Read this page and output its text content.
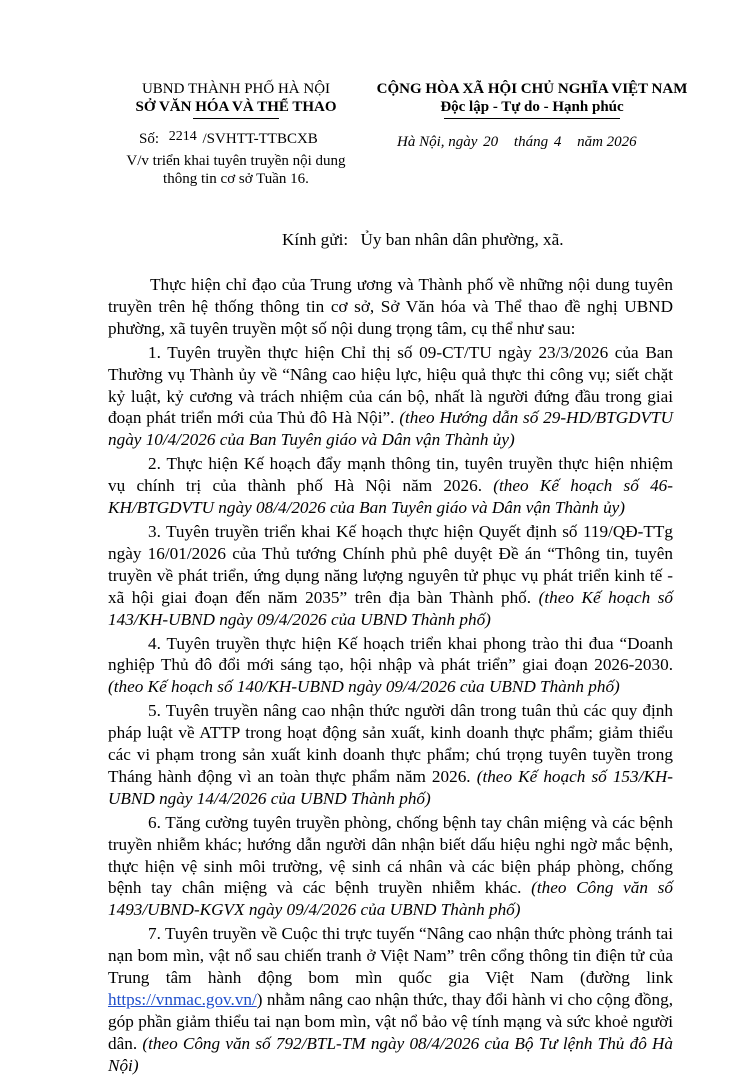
UBND THÀNH PHỐ HÀ NỘI
SỞ VĂN HÓA VÀ THỂ THAO
Số: 2214 /SVHTT-TTBCXB
V/v triển khai tuyên truyền nội dung
thông tin cơ sở Tuần 16.
CỘNG HÒA XÃ HỘI CHỦ NGHĨA VIỆT NAM
Độc lập - Tự do - Hạnh phúc
Hà Nội, ngày 20 tháng 4 năm 2026
Kính gửi: Ủy ban nhân dân phường, xã.

Thực hiện chỉ đạo của Trung ương và Thành phố về những nội dung tuyên truyền trên hệ thống thông tin cơ sở, Sở Văn hóa và Thể thao đề nghị UBND phường, xã tuyên truyền một số nội dung trọng tâm, cụ thể như sau:

1. Tuyên truyền thực hiện Chỉ thị số 09-CT/TU ngày 23/3/2026 của Ban Thường vụ Thành ủy về “Nâng cao hiệu lực, hiệu quả thực thi công vụ; siết chặt kỷ luật, kỷ cương và trách nhiệm của cán bộ, nhất là người đứng đầu trong giai đoạn phát triển mới của Thủ đô Hà Nội”. (theo Hướng dẫn số 29-HD/BTGDVTU ngày 10/4/2026 của Ban Tuyên giáo và Dân vận Thành ủy)

2. Thực hiện Kế hoạch đẩy mạnh thông tin, tuyên truyền thực hiện nhiệm vụ chính trị của thành phố Hà Nội năm 2026. (theo Kế hoạch số 46-KH/BTGDVTU ngày 08/4/2026 của Ban Tuyên giáo và Dân vận Thành ủy)

3. Tuyên truyền triển khai Kế hoạch thực hiện Quyết định số 119/QĐ-TTg ngày 16/01/2026 của Thủ tướng Chính phủ phê duyệt Đề án “Thông tin, tuyên truyền về phát triển, ứng dụng năng lượng nguyên tử phục vụ phát triển kinh tế - xã hội giai đoạn đến năm 2035” trên địa bàn Thành phố. (theo Kế hoạch số 143/KH-UBND ngày 09/4/2026 của UBND Thành phố)

4. Tuyên truyền thực hiện Kế hoạch triển khai phong trào thi đua “Doanh nghiệp Thủ đô đổi mới sáng tạo, hội nhập và phát triển” giai đoạn 2026-2030. (theo Kế hoạch số 140/KH-UBND ngày 09/4/2026 của UBND Thành phố)

5. Tuyên truyền nâng cao nhận thức người dân trong tuân thủ các quy định pháp luật về ATTP trong hoạt động sản xuất, kinh doanh thực phẩm; giảm thiểu các vi phạm trong sản xuất kinh doanh thực phẩm; chú trọng tuyên tuyền trong Tháng hành động vì an toàn thực phẩm năm 2026. (theo Kế hoạch số 153/KH-UBND ngày 14/4/2026 của UBND Thành phố)

6. Tăng cường tuyên truyền phòng, chống bệnh tay chân miệng và các bệnh truyền nhiễm khác; hướng dẫn người dân nhận biết dấu hiệu nghi ngờ mắc bệnh, thực hiện vệ sinh môi trường, vệ sinh cá nhân và các biện pháp phòng, chống bệnh tay chân miệng và các bệnh truyền nhiễm khác. (theo Công văn số 1493/UBND-KGVX ngày 09/4/2026 của UBND Thành phố)

7. Tuyên truyền về Cuộc thi trực tuyến “Nâng cao nhận thức phòng tránh tai nạn bom mìn, vật nổ sau chiến tranh ở Việt Nam” trên cổng thông tin điện tử của Trung tâm hành động bom mìn quốc gia Việt Nam (đường link https://vnmac.gov.vn/) nhằm nâng cao nhận thức, thay đổi hành vi cho cộng đồng, góp phần giảm thiểu tai nạn bom mìn, vật nổ bảo vệ tính mạng và sức khoẻ người dân. (theo Công văn số 792/BTL-TM ngày 08/4/2026 của Bộ Tư lệnh Thủ đô Hà Nội)
